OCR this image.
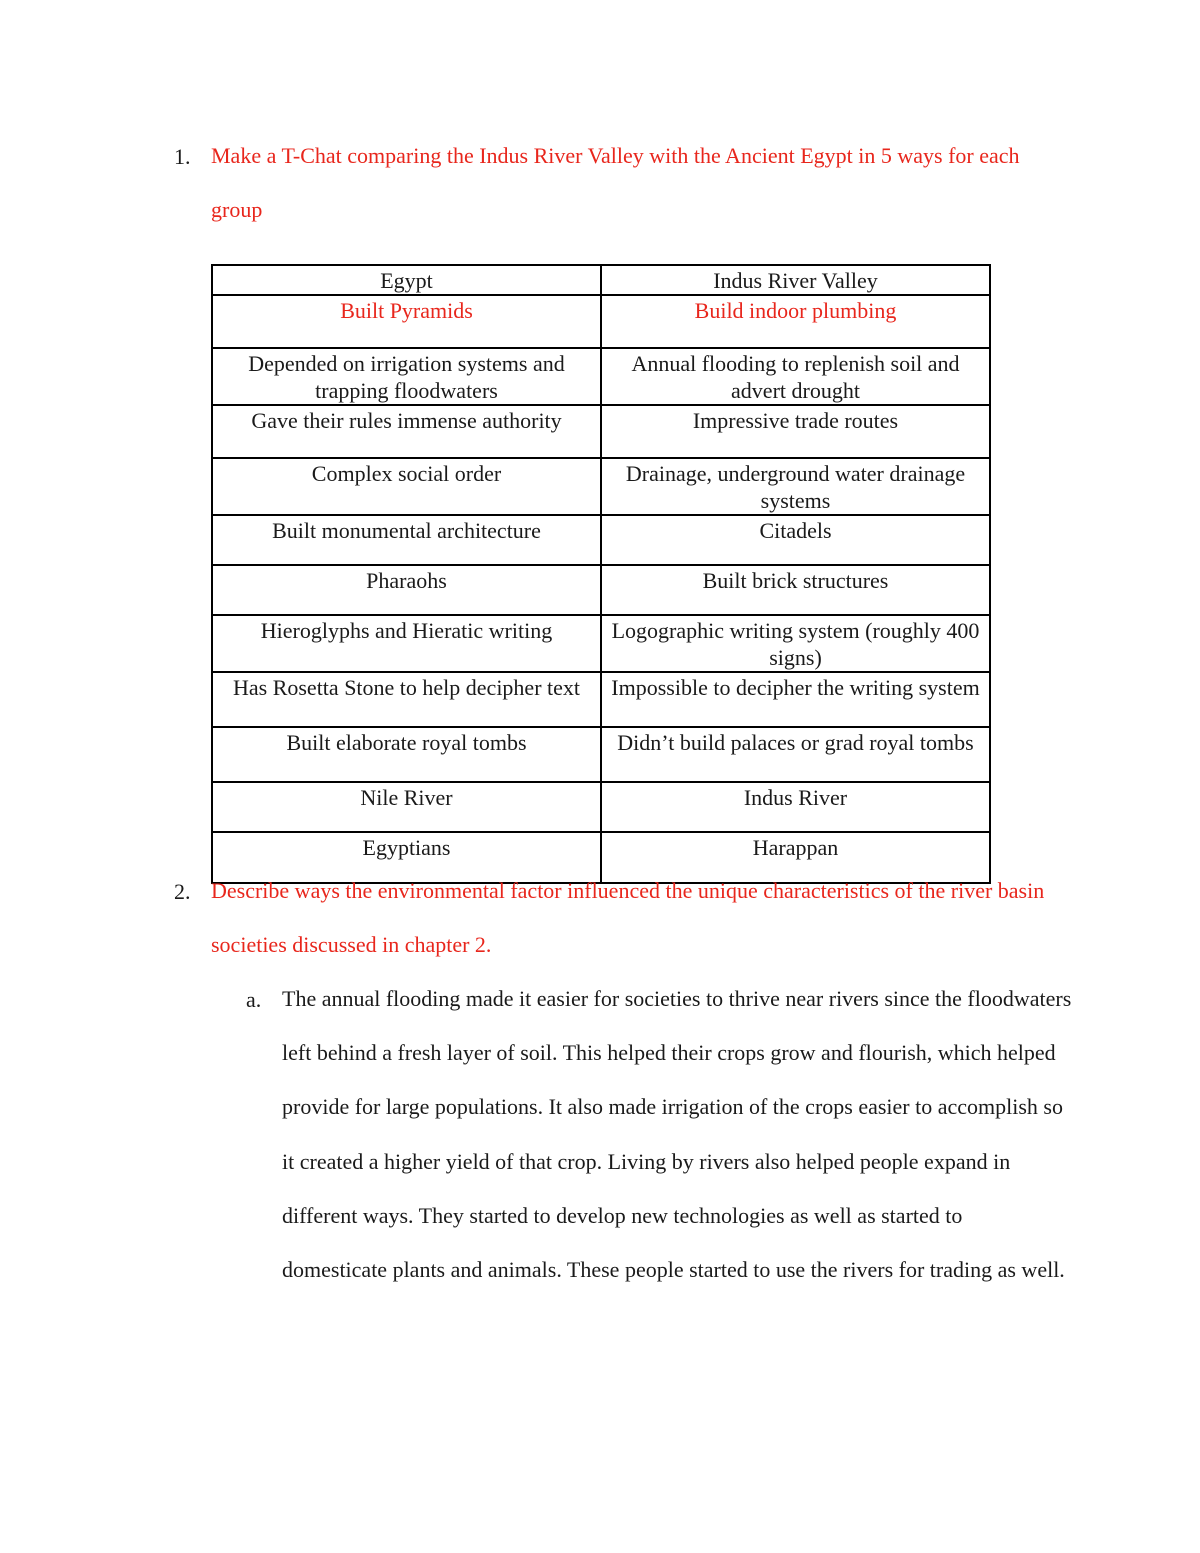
1. Make a T-Chat comparing the Indus River Valley with the Ancient Egypt in 5 ways for each group
Egypt	Indus River Valley
Built Pyramids	Build indoor plumbing
Depended on irrigation systems and trapping floodwaters	Annual flooding to replenish soil and advert drought
Gave their rules immense authority	Impressive trade routes
Complex social order	Drainage, underground water drainage systems
Built monumental architecture	Citadels
Pharaohs	Built brick structures
Hieroglyphs and Hieratic writing	Logographic writing system (roughly 400 signs)
Has Rosetta Stone to help decipher text	Impossible to decipher the writing system
Built elaborate royal tombs	Didn’t build palaces or grad royal tombs
Nile River	Indus River
Egyptians	Harappan
2. Describe ways the environmental factor influenced the unique characteristics of the river basin societies discussed in chapter 2.
a. The annual flooding made it easier for societies to thrive near rivers since the floodwaters left behind a fresh layer of soil. This helped their crops grow and flourish, which helped provide for large populations. It also made irrigation of the crops easier to accomplish so it created a higher yield of that crop. Living by rivers also helped people expand in different ways. They started to develop new technologies as well as started to domesticate plants and animals. These people started to use the rivers for trading as well.
